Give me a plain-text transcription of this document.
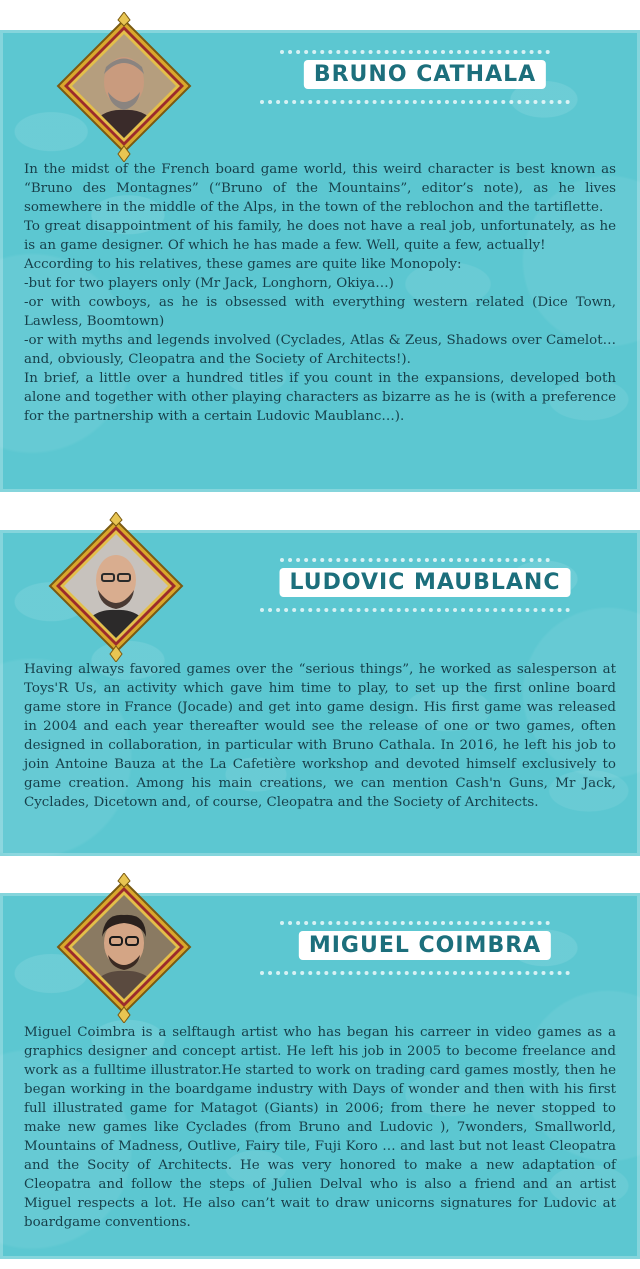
BRUNO CATHALA

In the midst of the French board game world, this weird character is best known as “Bruno des Montagnes” (“Bruno of the Mountains”, editor’s note), as he lives somewhere in the middle of the Alps, in the town of the reblochon and the tartiflette.
To great disappointment of his family, he does not have a real job, unfortunately, as he is an game designer. Of which he has made a few. Well, quite a few, actually!
According to his relatives, these games are quite like Monopoly:
-but for two players only (Mr Jack, Longhorn, Okiya…)
-or with cowboys, as he is obsessed with everything western related (Dice Town, Lawless, Boomtown)
-or with myths and legends involved (Cyclades, Atlas & Zeus, Shadows over Camelot… and, obviously, Cleopatra and the Society of Architects!).
In brief, a little over a hundred titles if you count in the expansions, developed both alone and together with other playing characters as bizarre as he is (with a preference for the partnership with a certain Ludovic Maublanc…).

LUDOVIC MAUBLANC

Having always favored games over the “serious things”, he worked as salesperson at Toys'R Us, an activity which gave him time to play, to set up the first online board game store in France (Jocade) and get into game design. His first game was released in 2004 and each year thereafter would see the release of one or two games, often designed in collaboration, in particular with Bruno Cathala. In 2016, he left his job to join Antoine Bauza at the La Cafetière workshop and devoted himself exclusively to game creation. Among his main creations, we can mention Cash'n Guns, Mr Jack, Cyclades, Dicetown and, of course, Cleopatra and the Society of Architects.

MIGUEL COIMBRA

Miguel Coimbra is a selftaugh artist who has began his carreer in video games as a graphics designer and concept artist. He left his job in 2005 to become freelance and work as a fulltime illustrator.He started to work on trading card games mostly, then he began working in the boardgame industry with Days of wonder and then with his first full illustrated game for Matagot (Giants) in 2006; from there he never stopped to make new games like Cyclades (from Bruno and Ludovic ), 7wonders, Smallworld, Mountains of Madness, Outlive, Fairy tile, Fuji Koro … and last but not least Cleopatra and the Socity of Architects. He was very honored to make a new adaptation of Cleopatra and follow the steps of Julien Delval who is also a friend and an artist Miguel respects a lot. He also can’t wait to draw unicorns signatures for Ludovic at boardgame conventions.
